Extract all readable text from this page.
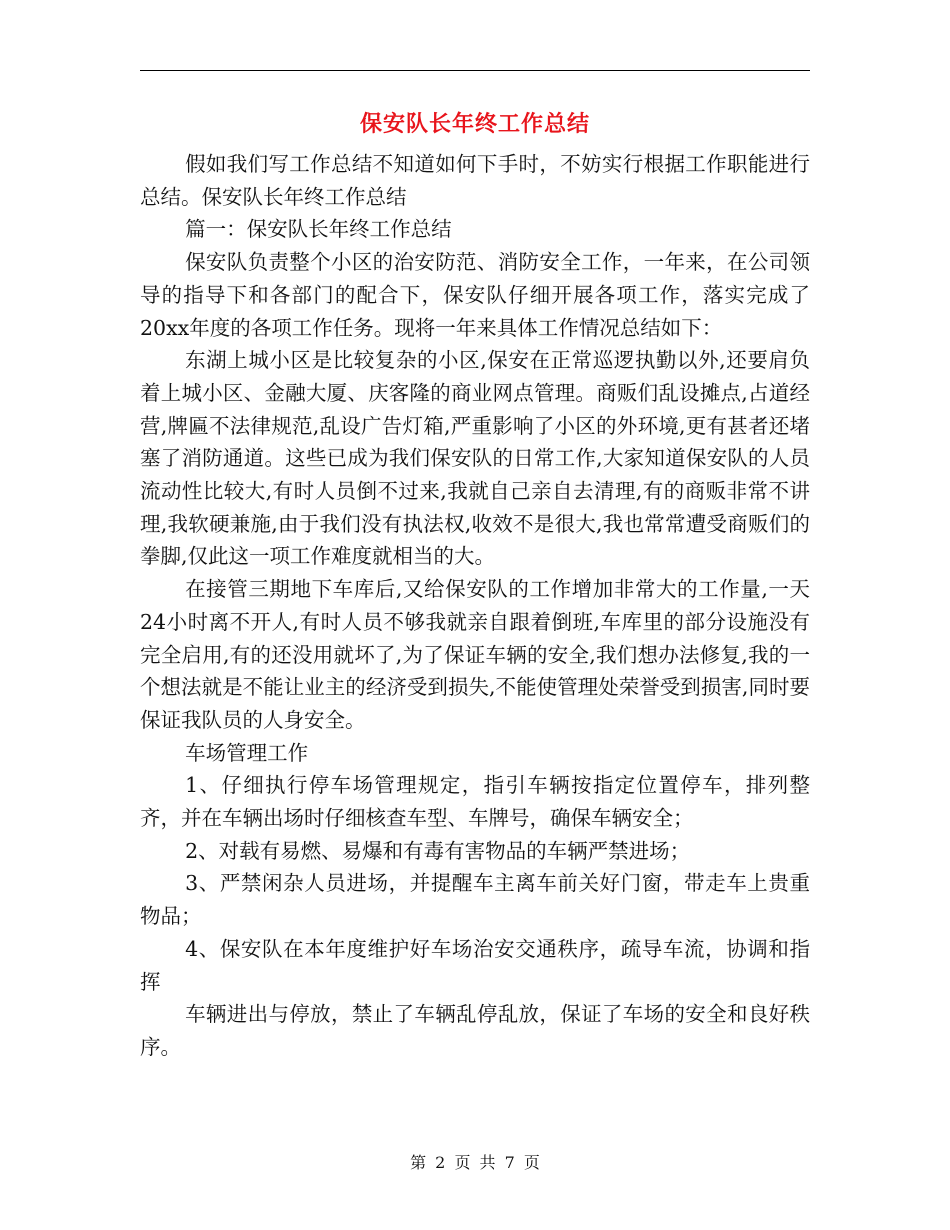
保安队长年终工作总结

假如我们写工作总结不知道如何下手时，不妨实行根据工作职能进行总结。保安队长年终工作总结

篇一：保安队长年终工作总结

保安队负责整个小区的治安防范、消防安全工作，一年来，在公司领导的指导下和各部门的配合下，保安队仔细开展各项工作，落实完成了20xx年度的各项工作任务。现将一年来具体工作情况总结如下：

东湖上城小区是比较复杂的小区,保安在正常巡逻执勤以外,还要肩负着上城小区、金融大厦、庆客隆的商业网点管理。商贩们乱设摊点,占道经营,牌匾不法律规范,乱设广告灯箱,严重影响了小区的外环境,更有甚者还堵塞了消防通道。这些已成为我们保安队的日常工作,大家知道保安队的人员流动性比较大,有时人员倒不过来,我就自己亲自去清理,有的商贩非常不讲理,我软硬兼施,由于我们没有执法权,收效不是很大,我也常常遭受商贩们的拳脚,仅此这一项工作难度就相当的大。

在接管三期地下车库后,又给保安队的工作增加非常大的工作量,一天24小时离不开人,有时人员不够我就亲自跟着倒班,车库里的部分设施没有完全启用,有的还没用就坏了,为了保证车辆的安全,我们想办法修复,我的一个想法就是不能让业主的经济受到损失,不能使管理处荣誉受到损害,同时要保证我队员的人身安全。

车场管理工作

1、仔细执行停车场管理规定，指引车辆按指定位置停车，排列整齐，并在车辆出场时仔细核查车型、车牌号，确保车辆安全；

2、对载有易燃、易爆和有毒有害物品的车辆严禁进场；

3、严禁闲杂人员进场，并提醒车主离车前关好门窗，带走车上贵重物品；

4、保安队在本年度维护好车场治安交通秩序，疏导车流，协调和指挥

车辆进出与停放，禁止了车辆乱停乱放，保证了车场的安全和良好秩序。

第 2 页 共 7 页
